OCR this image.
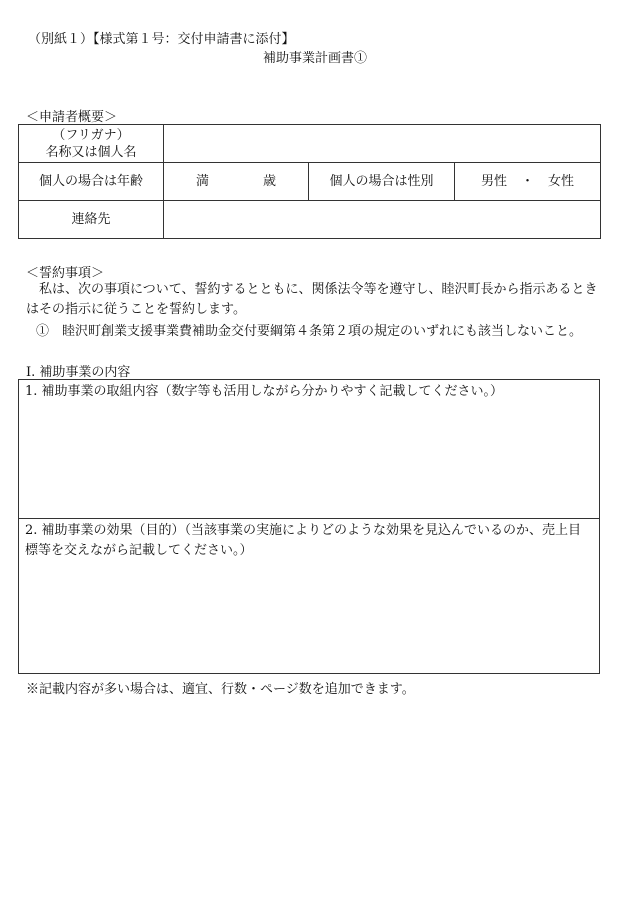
（別紙１）【様式第１号：交付申請書に添付】
補助事業計画書①
＜申請者概要＞
（フリガナ）
名称又は個人名			

個人の場合は年齢	満 歳	個人の場合は性別	男性 ・ 女性
連絡先			
＜誓約事項＞
　私は、次の事項について、誓約するとともに、関係法令等を遵守し、睦沢町長から指示あるときはその指示に従うことを誓約します。
①　睦沢町創業支援事業費補助金交付要綱第４条第２項の規定のいずれにも該当しないこと。
Ⅰ. 補助事業の内容
1. 補助事業の取組内容（数字等も活用しながら分かりやすく記載してください。）
2. 補助事業の効果（目的）（当該事業の実施によりどのような効果を見込んでいるのか、売上目標等を交えながら記載してください。）
※記載内容が多い場合は、適宜、行数・ページ数を追加できます。
